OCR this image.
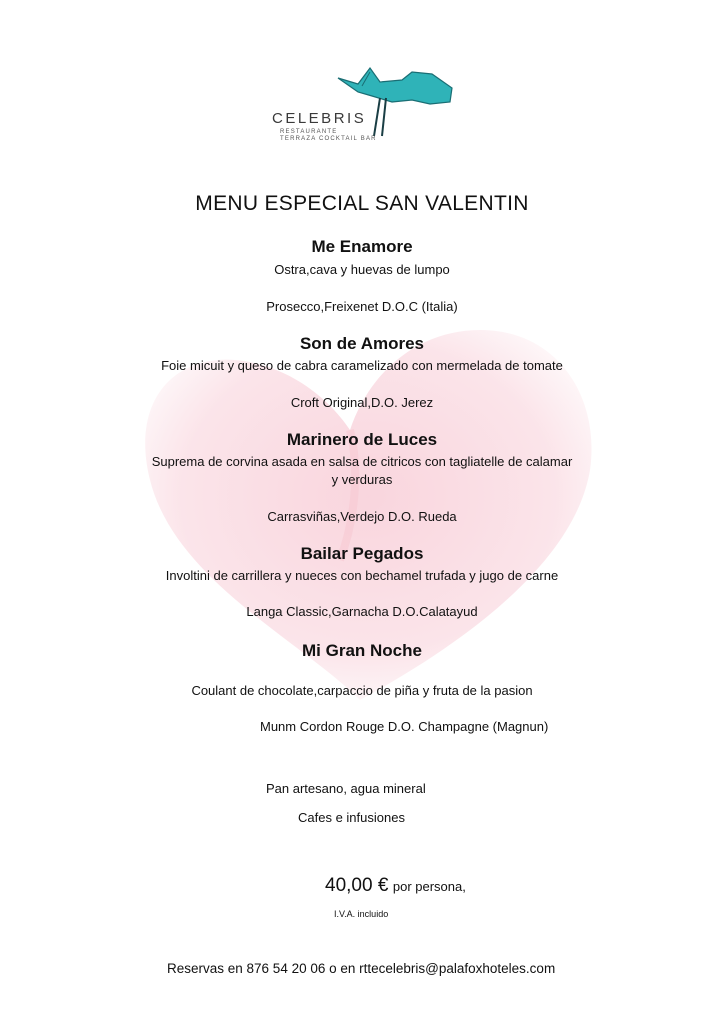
CELEBRIS
RESTAURANTE
TERRAZA COCKTAIL BAR
MENU ESPECIAL SAN VALENTIN
Me Enamore
Ostra,cava y huevas de lumpo
Prosecco,Freixenet D.O.C (Italia)
Son de Amores
Foie micuit y queso de cabra caramelizado con mermelada de tomate
Croft Original,D.O. Jerez
Marinero de Luces
Suprema de corvina asada en salsa de citricos con tagliatelle de calamar
y verduras
Carrasviñas,Verdejo D.O. Rueda
Bailar Pegados
Involtini de carrillera y nueces con bechamel trufada y jugo de carne
Langa Classic,Garnacha D.O.Calatayud
Mi Gran Noche
Coulant de chocolate,carpaccio de piña y fruta de la pasion
Munm Cordon Rouge D.O. Champagne (Magnun)
Pan artesano, agua mineral
Cafes e infusiones
40,00 € por persona,
I.V.A. incluido
Reservas en 876 54 20 06 o en rttecelebris@palafoxhoteles.com
